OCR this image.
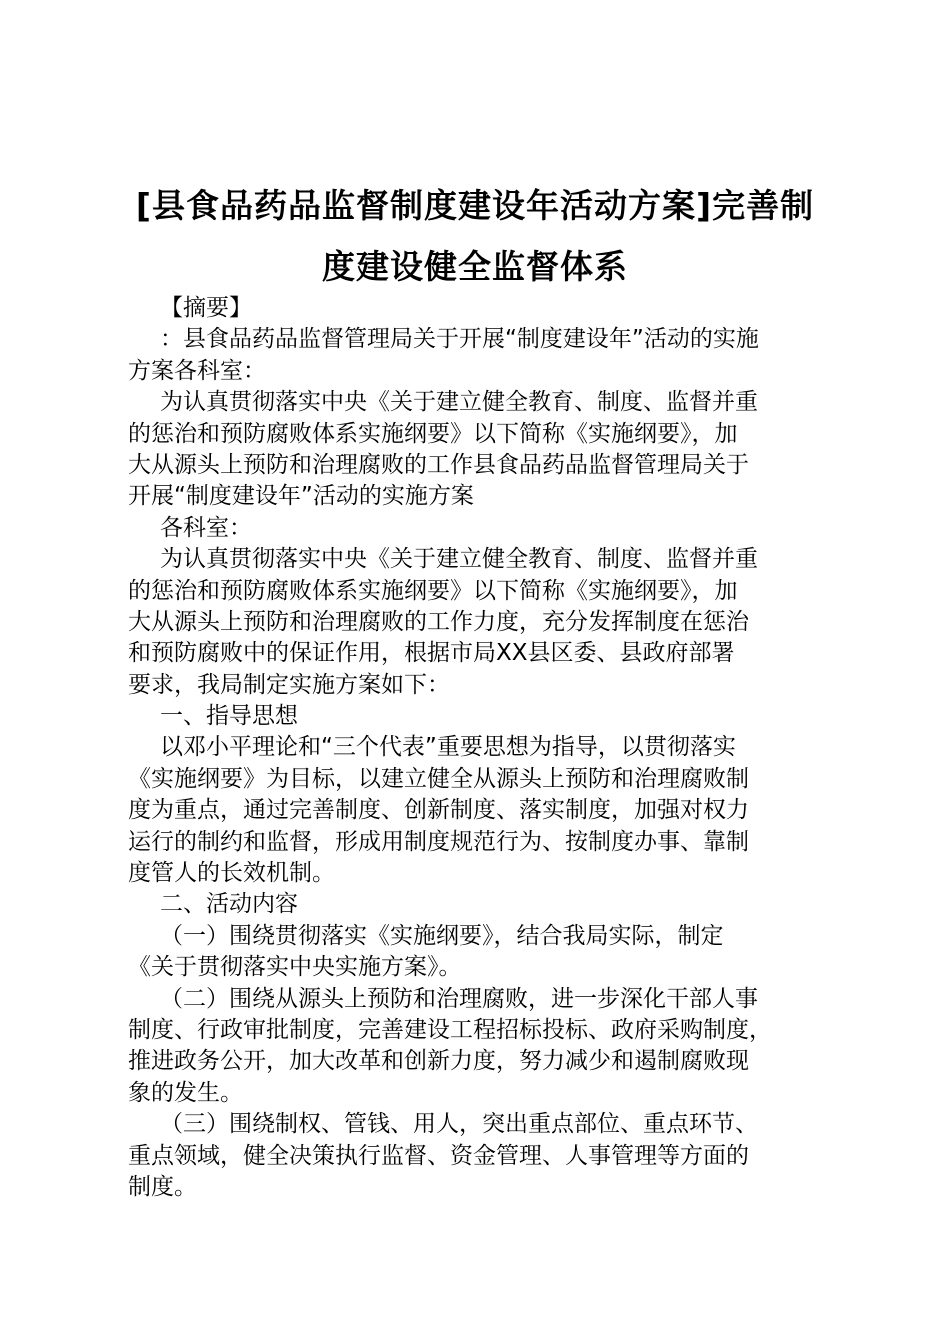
[县食品药品监督制度建设年活动方案]完善制
度建设健全监督体系
【摘要】
：县食品药品监督管理局关于开展“制度建设年”活动的实施
方案各科室：
为认真贯彻落实中央《关于建立健全教育、制度、监督并重
的惩治和预防腐败体系实施纲要》以下简称《实施纲要》，加
大从源头上预防和治理腐败的工作县食品药品监督管理局关于
开展“制度建设年”活动的实施方案
各科室：
为认真贯彻落实中央《关于建立健全教育、制度、监督并重
的惩治和预防腐败体系实施纲要》以下简称《实施纲要》，加
大从源头上预防和治理腐败的工作力度，充分发挥制度在惩治
和预防腐败中的保证作用，根据市局XX县区委、县政府部署
要求，我局制定实施方案如下：
一、指导思想
以邓小平理论和“三个代表”重要思想为指导，以贯彻落实
《实施纲要》为目标，以建立健全从源头上预防和治理腐败制
度为重点，通过完善制度、创新制度、落实制度，加强对权力
运行的制约和监督，形成用制度规范行为、按制度办事、靠制
度管人的长效机制。
二、活动内容
（一）围绕贯彻落实《实施纲要》，结合我局实际，制定
《关于贯彻落实中央实施方案》。
（二）围绕从源头上预防和治理腐败，进一步深化干部人事
制度、行政审批制度，完善建设工程招标投标、政府采购制度，
推进政务公开，加大改革和创新力度，努力减少和遏制腐败现
象的发生。
（三）围绕制权、管钱、用人，突出重点部位、重点环节、
重点领域，健全决策执行监督、资金管理、人事管理等方面的
制度。
